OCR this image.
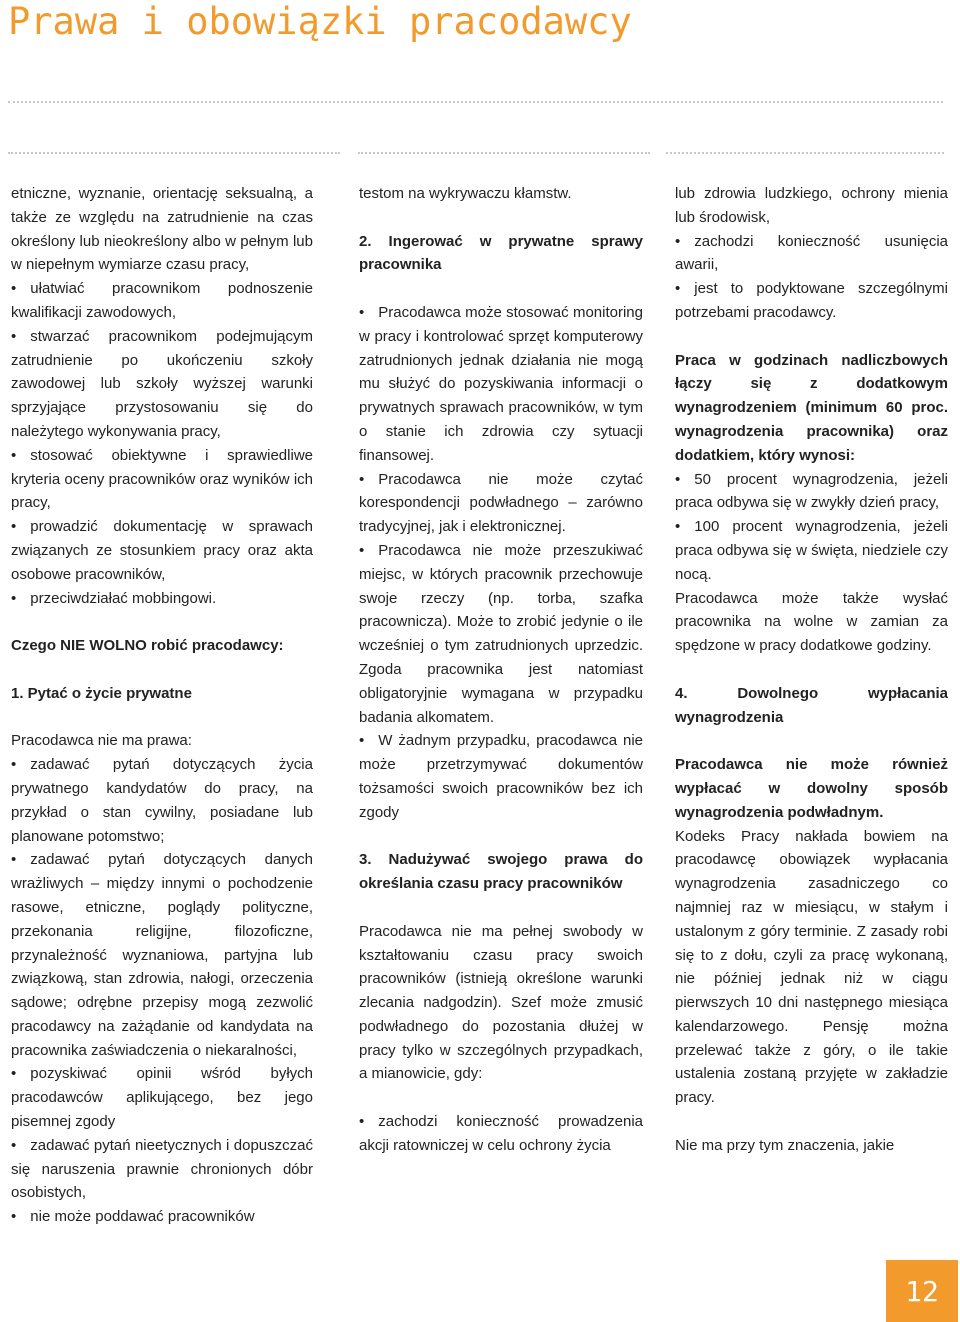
Prawa i obowiązki pracodawcy

etniczne, wyznanie, orientację seksualną, a także ze względu na zatrudnienie na czas określony lub nieokreślony albo w pełnym lub w niepełnym wymiarze czasu pracy,

• ułatwiać pracownikom podnoszenie kwalifikacji zawodowych,

• stwarzać pracownikom podejmującym zatrudnienie po ukończeniu szkoły zawodowej lub szkoły wyższej warunki sprzyjające przystosowaniu się do należytego wykonywania pracy,

• stosować obiektywne i sprawiedliwe kryteria oceny pracowników oraz wyników ich pracy,

• prowadzić dokumentację w sprawach związanych ze stosunkiem pracy oraz akta osobowe pracowników,

• przeciwdziałać mobbingowi.

Czego NIE WOLNO robić pracodawcy:

1. Pytać o życie prywatne

Pracodawca nie ma prawa:

• zadawać pytań dotyczących życia prywatnego kandydatów do pracy, na przykład o stan cywilny, posiadane lub planowane potomstwo;

• zadawać pytań dotyczących danych wrażliwych – między innymi o pochodzenie rasowe, etniczne, poglądy polityczne, przekonania religijne, filozoficzne, przynależność wyznaniowa, partyjna lub związkową, stan zdrowia, nałogi, orzeczenia sądowe; odrębne przepisy mogą zezwolić pracodawcy na zażądanie od kandydata na pracownika zaświadczenia o niekaralności,

• pozyskiwać opinii wśród byłych pracodawców aplikującego, bez jego pisemnej zgody

• zadawać pytań nieetycznych i dopuszczać się naruszenia prawnie chronionych dóbr osobistych,

• nie może poddawać pracowników

testom na wykrywaczu kłamstw.

2. Ingerować w prywatne sprawy pracownika

• Pracodawca może stosować monitoring w pracy i kontrolować sprzęt komputerowy zatrudnionych jednak działania nie mogą mu służyć do pozyskiwania informacji o prywatnych sprawach pracowników, w tym o stanie ich zdrowia czy sytuacji finansowej.

• Pracodawca nie może czytać korespondencji podwładnego – zarówno tradycyjnej, jak i elektronicznej.

• Pracodawca nie może przeszukiwać miejsc, w których pracownik przechowuje swoje rzeczy (np. torba, szafka pracownicza). Może to zrobić jedynie o ile wcześniej o tym zatrudnionych uprzedzic. Zgoda pracownika jest natomiast obligatoryjnie wymagana w przypadku badania alkomatem.

• W żadnym przypadku, pracodawca nie może przetrzymywać dokumentów tożsamości swoich pracowników bez ich zgody

3. Nadużywać swojego prawa do określania czasu pracy pracowników

Pracodawca nie ma pełnej swobody w kształtowaniu czasu pracy swoich pracowników (istnieją określone warunki zlecania nadgodzin). Szef może zmusić podwładnego do pozostania dłużej w pracy tylko w szczególnych przypadkach, a mianowicie, gdy:

• zachodzi konieczność prowadzenia akcji ratowniczej w celu ochrony życia

lub zdrowia ludzkiego, ochrony mienia lub środowisk,

• zachodzi konieczność usunięcia awarii,

• jest to podyktowane szczególnymi potrzebami pracodawcy.

Praca w godzinach nadliczbowych łączy się z dodatkowym wynagrodzeniem (minimum 60 proc. wynagrodzenia pracownika) oraz dodatkiem, który wynosi:

• 50 procent wynagrodzenia, jeżeli praca odbywa się w zwykły dzień pracy,

• 100 procent wynagrodzenia, jeżeli praca odbywa się w święta, niedziele czy nocą.

Pracodawca może także wysłać pracownika na wolne w zamian za spędzone w pracy dodatkowe godziny.

4. Dowolnego wypłacania wynagrodzenia

Pracodawca nie może również wypłacać w dowolny sposób wynagrodzenia podwładnym.

Kodeks Pracy nakłada bowiem na pracodawcę obowiązek wypłacania wynagrodzenia zasadniczego co najmniej raz w miesiącu, w stałym i ustalonym z góry terminie. Z zasady robi się to z dołu, czyli za pracę wykonaną, nie później jednak niż w ciągu pierwszych 10 dni następnego miesiąca kalendarzowego. Pensję można przelewać także z góry, o ile takie ustalenia zostaną przyjęte w zakładzie pracy.

Nie ma przy tym znaczenia, jakie

12
